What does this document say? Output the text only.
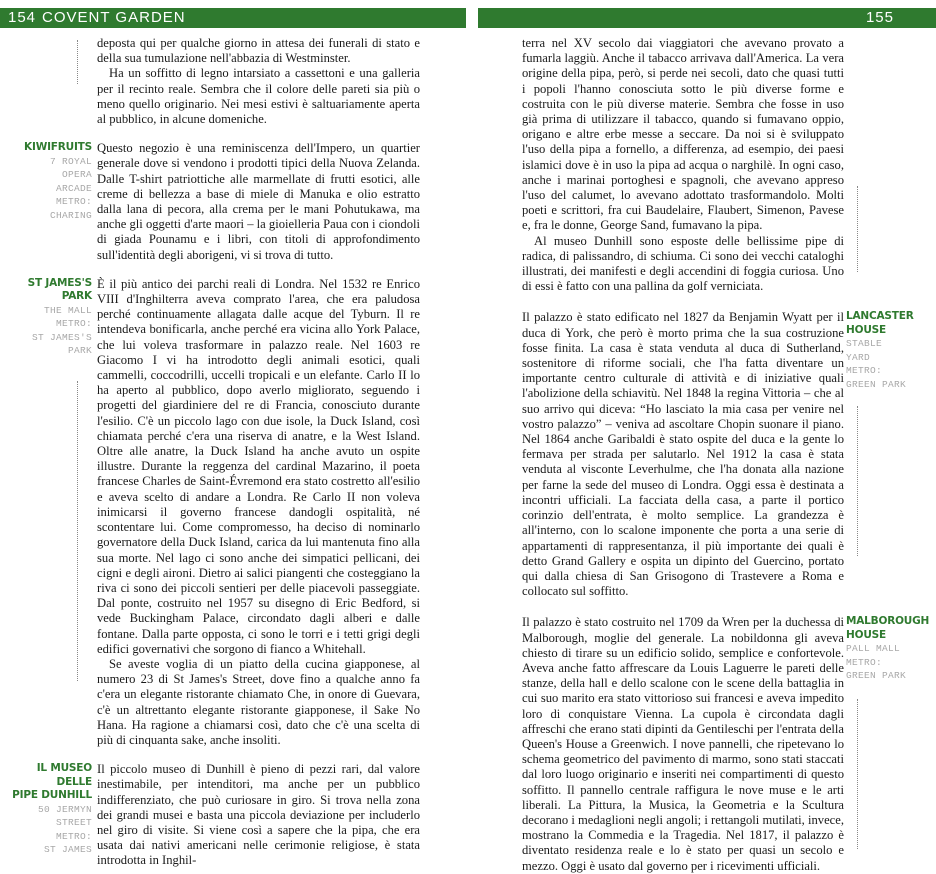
154 COVENT GARDEN	155

deposta qui per qualche giorno in attesa dei funerali di stato e della sua tumulazione nell'abbazia di Westminster.

Ha un soffitto di legno intarsiato a cassettoni e una galleria per il recinto reale. Sembra che il colore delle pareti sia più o meno quello originario. Nei mesi estivi è saltuariamente aperta al pubblico, in alcune domeniche.

KIWIFRUITS
7 ROYAL
OPERA
ARCADE
METRO:
CHARING

Questo negozio è una reminiscenza dell'Impero, un quartier generale dove si vendono i prodotti tipici della Nuova Zelanda. Dalle T-shirt patriottiche alle marmellate di frutti esotici, alle creme di bellezza a base di miele di Manuka e olio estratto dalla lana di pecora, alla crema per le mani Pohutukawa, ma anche gli oggetti d'arte maori – la gioielleria Paua con i ciondoli di giada Pounamu e i libri, con titoli di approfondimento sull'identità degli aborigeni, vi si trova di tutto.

ST JAMES'S
PARK
THE MALL
METRO:
ST JAMES'S
PARK

È il più antico dei parchi reali di Londra. Nel 1532 re Enrico VIII d'Inghilterra aveva comprato l'area, che era paludosa perché continuamente allagata dalle acque del Tyburn. Il re intendeva bonificarla, anche perché era vicina allo York Palace, che lui voleva trasformare in palazzo reale. Nel 1603 re Giacomo I vi ha introdotto degli animali esotici, quali cammelli, coccodrilli, uccelli tropicali e un elefante. Carlo II lo ha aperto al pubblico, dopo averlo migliorato, seguendo i progetti del giardiniere del re di Francia, conosciuto durante l'esilio. C'è un piccolo lago con due isole, la Duck Island, così chiamata perché c'era una riserva di anatre, e la West Island. Oltre alle anatre, la Duck Island ha anche avuto un ospite illustre. Durante la reggenza del cardinal Mazarino, il poeta francese Charles de Saint-Évremond era stato costretto all'esilio e aveva scelto di andare a Londra. Re Carlo II non voleva inimicarsi il governo francese dandogli ospitalità, né scontentare lui. Come compromesso, ha deciso di nominarlo governatore della Duck Island, carica da lui mantenuta fino alla sua morte. Nel lago ci sono anche dei simpatici pellicani, dei cigni e degli aironi. Dietro ai salici piangenti che costeggiano la riva ci sono dei piccoli sentieri per delle piacevoli passeggiate. Dal ponte, costruito nel 1957 su disegno di Eric Bedford, si vede Buckingham Palace, circondato dagli alberi e dalle fontane. Dalla parte opposta, ci sono le torri e i tetti grigi degli edifici governativi che sorgono di fianco a Whitehall.

Se aveste voglia di un piatto della cucina giapponese, al numero 23 di St James's Street, dove fino a qualche anno fa c'era un elegante ristorante chiamato Che, in onore di Guevara, c'è un altrettanto elegante ristorante giapponese, il Sake No Hana. Ha ragione a chiamarsi così, dato che c'è una scelta di più di cinquanta sake, anche insoliti.

IL MUSEO DELLE
PIPE DUNHILL
50 JERMYN
STREET
METRO:
ST JAMES

Il piccolo museo di Dunhill è pieno di pezzi rari, dal valore inestimabile, per intenditori, ma anche per un pubblico indifferenziato, che può curiosare in giro. Si trova nella zona dei grandi musei e basta una piccola deviazione per includerlo nel giro di visite. Si viene così a sapere che la pipa, che era usata dai nativi americani nelle cerimonie religiose, è stata introdotta in Inghil-

terra nel XV secolo dai viaggiatori che avevano provato a fumarla laggiù. Anche il tabacco arrivava dall'America. La vera origine della pipa, però, si perde nei secoli, dato che quasi tutti i popoli l'hanno conosciuta sotto le più diverse forme e costruita con le più diverse materie. Sembra che fosse in uso già prima di utilizzare il tabacco, quando si fumavano oppio, origano e altre erbe messe a seccare. Da noi si è sviluppato l'uso della pipa a fornello, a differenza, ad esempio, dei paesi islamici dove è in uso la pipa ad acqua o narghilè. In ogni caso, anche i marinai portoghesi e spagnoli, che avevano appreso l'uso del calumet, lo avevano adottato trasformandolo. Molti poeti e scrittori, fra cui Baudelaire, Flaubert, Simenon, Pavese e, fra le donne, George Sand, fumavano la pipa.

Al museo Dunhill sono esposte delle bellissime pipe di radica, di palissandro, di schiuma. Ci sono dei vecchi cataloghi illustrati, dei manifesti e degli accendini di foggia curiosa. Uno di essi è fatto con una pallina da golf verniciata.

LANCASTER
HOUSE
STABLE
YARD
METRO:
GREEN PARK

Il palazzo è stato edificato nel 1827 da Benjamin Wyatt per il duca di York, che però è morto prima che la sua costruzione fosse finita. La casa è stata venduta al duca di Sutherland, sostenitore di riforme sociali, che l'ha fatta diventare un importante centro culturale di attività e di iniziative quali l'abolizione della schiavitù. Nel 1848 la regina Vittoria – che al suo arrivo qui diceva: “Ho lasciato la mia casa per venire nel vostro palazzo” – veniva ad ascoltare Chopin suonare il piano. Nel 1864 anche Garibaldi è stato ospite del duca e la gente lo fermava per strada per salutarlo. Nel 1912 la casa è stata venduta al visconte Leverhulme, che l'ha donata alla nazione per farne la sede del museo di Londra. Oggi essa è destinata a incontri ufficiali. La facciata della casa, a parte il portico corinzio dell'entrata, è molto semplice. La grandezza è all'interno, con lo scalone imponente che porta a una serie di appartamenti di rappresentanza, il più importante dei quali è detto Grand Gallery e ospita un dipinto del Guercino, portato qui dalla chiesa di San Grisogono di Trastevere a Roma e collocato sul soffitto.

MALBOROUGH
HOUSE
PALL MALL
METRO:
GREEN PARK

Il palazzo è stato costruito nel 1709 da Wren per la duchessa di Malborough, moglie del generale. La nobildonna gli aveva chiesto di tirare su un edificio solido, semplice e confortevole. Aveva anche fatto affrescare da Louis Laguerre le pareti delle stanze, della hall e dello scalone con le scene della battaglia in cui suo marito era stato vittorioso sui francesi e aveva impedito loro di conquistare Vienna. La cupola è circondata dagli affreschi che erano stati dipinti da Gentileschi per l'entrata della Queen's House a Greenwich. I nove pannelli, che ripetevano lo schema geometrico del pavimento di marmo, sono stati staccati dal loro luogo originario e inseriti nei compartimenti di questo soffitto. Il pannello centrale raffigura le nove muse e le arti liberali. La Pittura, la Musica, la Geometria e la Scultura decorano i medaglioni negli angoli; i rettangoli mutilati, invece, mostrano la Commedia e la Tragedia. Nel 1817, il palazzo è diventato residenza reale e lo è stato per quasi un secolo e mezzo. Oggi è usato dal governo per i ricevimenti ufficiali.
